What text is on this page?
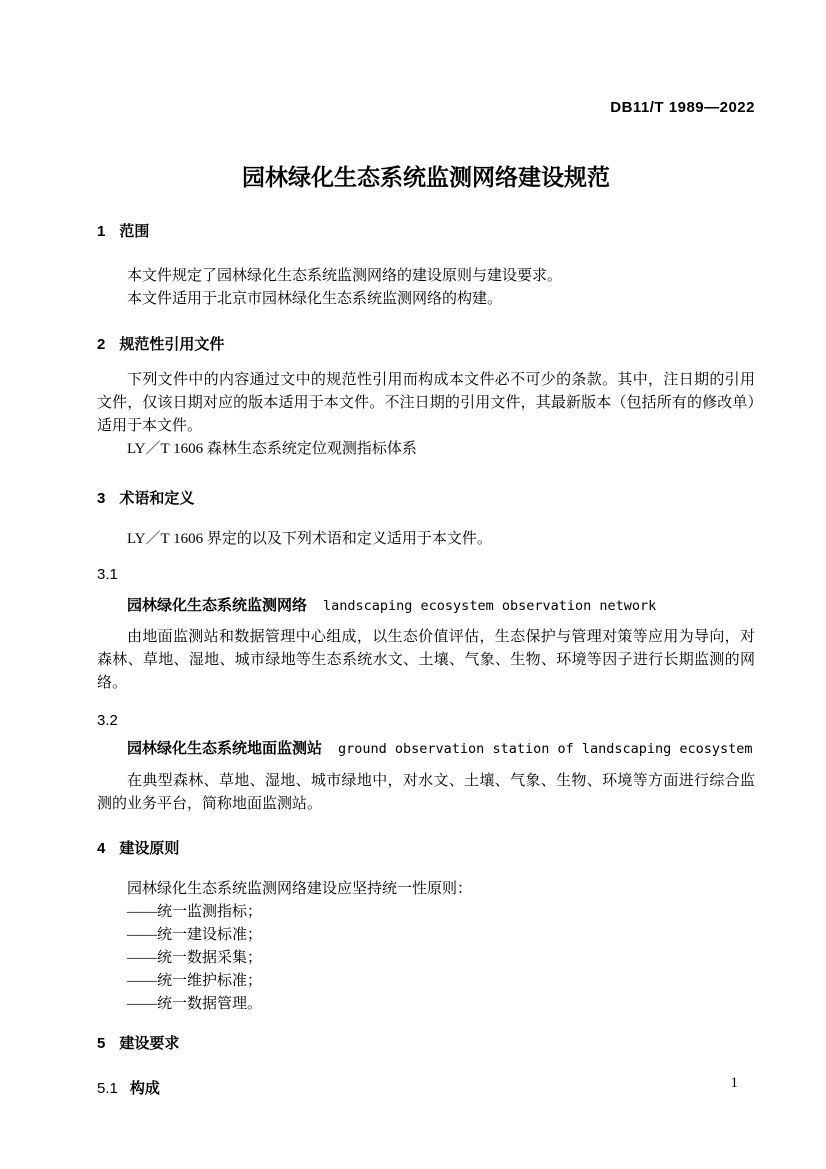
DB11/T 1989—2022
园林绿化生态系统监测网络建设规范
1 范围
本文件规定了园林绿化生态系统监测网络的建设原则与建设要求。
本文件适用于北京市园林绿化生态系统监测网络的构建。
2 规范性引用文件
下列文件中的内容通过文中的规范性引用而构成本文件必不可少的条款。其中，注日期的引用文件，仅该日期对应的版本适用于本文件。不注日期的引用文件，其最新版本（包括所有的修改单）适用于本文件。
LY／T 1606 森林生态系统定位观测指标体系
3 术语和定义
LY／T 1606 界定的以及下列术语和定义适用于本文件。
3.1
园林绿化生态系统监测网络 landscaping ecosystem observation network
由地面监测站和数据管理中心组成，以生态价值评估，生态保护与管理对策等应用为导向，对森林、草地、湿地、城市绿地等生态系统水文、土壤、气象、生物、环境等因子进行长期监测的网络。
3.2
园林绿化生态系统地面监测站 ground observation station of landscaping ecosystem
在典型森林、草地、湿地、城市绿地中，对水文、土壤、气象、生物、环境等方面进行综合监测的业务平台，简称地面监测站。
4 建设原则
园林绿化生态系统监测网络建设应坚持统一性原则：
——统一监测指标；
——统一建设标准；
——统一数据采集；
——统一维护标准；
——统一数据管理。
5 建设要求
5.1 构成	1
